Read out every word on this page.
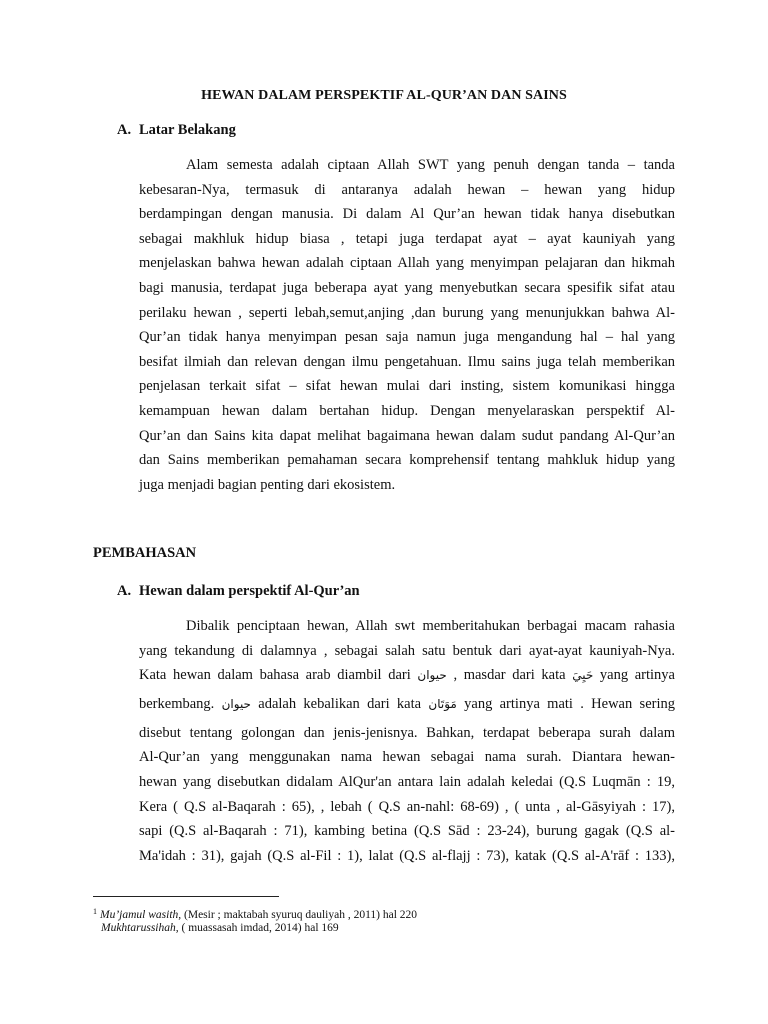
HEWAN DALAM PERSPEKTIF AL-QUR’AN DAN SAINS
A. Latar Belakang
Alam semesta adalah ciptaan Allah SWT yang penuh dengan tanda – tanda
kebesaran-Nya, termasuk di antaranya adalah hewan – hewan yang hidup
berdampingan dengan manusia. Di dalam Al Qur’an hewan tidak hanya disebutkan
sebagai makhluk hidup biasa , tetapi juga terdapat ayat – ayat kauniyah yang
menjelaskan bahwa hewan adalah ciptaan Allah yang menyimpan pelajaran dan hikmah
bagi manusia, terdapat juga beberapa ayat yang menyebutkan secara spesifik sifat atau
perilaku hewan , seperti lebah,semut,anjing ,dan burung yang menunjukkan bahwa Al-
Qur’an tidak hanya menyimpan pesan saja namun juga mengandung hal – hal yang
besifat ilmiah dan relevan dengan ilmu pengetahuan. Ilmu sains juga telah memberikan
penjelasan terkait sifat – sifat hewan mulai dari insting, sistem komunikasi hingga
kemampuan hewan dalam bertahan hidup. Dengan menyelaraskan perspektif Al-
Qur’an dan Sains kita dapat melihat bagaimana hewan dalam sudut pandang Al-Qur’an
dan Sains memberikan pemahaman secara komprehensif tentang mahkluk hidup yang
juga menjadi bagian penting dari ekosistem.
PEMBAHASAN
A. Hewan dalam perspektif Al-Qur’an
Dibalik penciptaan hewan, Allah swt memberitahukan berbagai macam rahasia
yang tekandung di dalamnya , sebagai salah satu bentuk dari ayat-ayat kauniyah-Nya.
Kata hewan dalam bahasa arab diambil dari حيوان , masdar dari kata حَيِيَ yang artinya
berkembang. حيوان adalah kebalikan dari kata مَوَتَان yang artinya mati . Hewan sering
disebut tentang golongan dan jenis-jenisnya. Bahkan, terdapat beberapa surah dalam
Al-Qur’an yang menggunakan nama hewan sebagai nama surah. Diantara hewan-
hewan yang disebutkan didalam AlQur'an antara lain adalah keledai (Q.S Luqmān : 19,
Kera ( Q.S al-Baqarah : 65), , lebah ( Q.S an-nahl: 68-69) , ( unta , al-Gāsyiyah : 17),
sapi (Q.S al-Baqarah : 71), kambing betina (Q.S Sād : 23-24), burung gagak (Q.S al-
Ma'idah : 31), gajah (Q.S al-Fil : 1), lalat (Q.S al-flajj : 73), katak (Q.S al-A'rāf : 133),
$^1$ Mu’jamul wasith, (Mesir ; maktabah syuruq dauliyah , 2011) hal 220
Mukhtarussihah, ( muassasah imdad, 2014) hal 169
